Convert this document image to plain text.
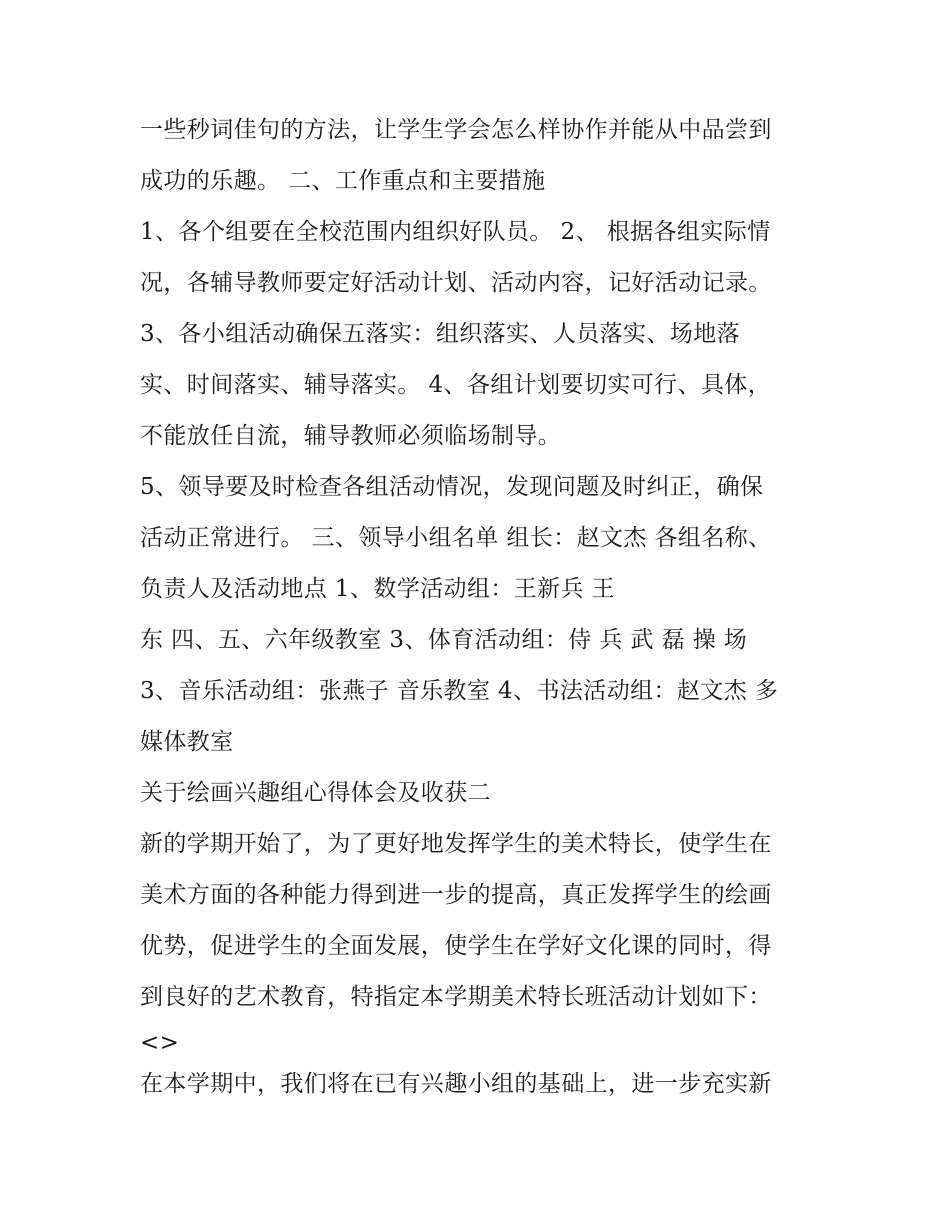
一些秒词佳句的方法，让学生学会怎么样协作并能从中品尝到
成功的乐趣。 二、工作重点和主要措施
1、各个组要在全校范围内组织好队员。 2、 根据各组实际情
况，各辅导教师要定好活动计划、活动内容，记好活动记录。
3、各小组活动确保五落实：组织落实、人员落实、场地落
实、时间落实、辅导落实。 4、各组计划要切实可行、具体，
不能放任自流，辅导教师必须临场制导。
5、领导要及时检查各组活动情况，发现问题及时纠正，确保
活动正常进行。 三、领导小组名单 组长：赵文杰 各组名称、
负责人及活动地点 1、数学活动组：王新兵 王
东 四、五、六年级教室 3、体育活动组：侍 兵 武 磊 操 场
3、音乐活动组：张燕子 音乐教室 4、书法活动组：赵文杰 多
媒体教室
关于绘画兴趣组心得体会及收获二
新的学期开始了，为了更好地发挥学生的美术特长，使学生在
美术方面的各种能力得到进一步的提高，真正发挥学生的绘画
优势，促进学生的全面发展，使学生在学好文化课的同时，得
到良好的艺术教育，特指定本学期美术特长班活动计划如下：
<>
在本学期中，我们将在已有兴趣小组的基础上，进一步充实新
